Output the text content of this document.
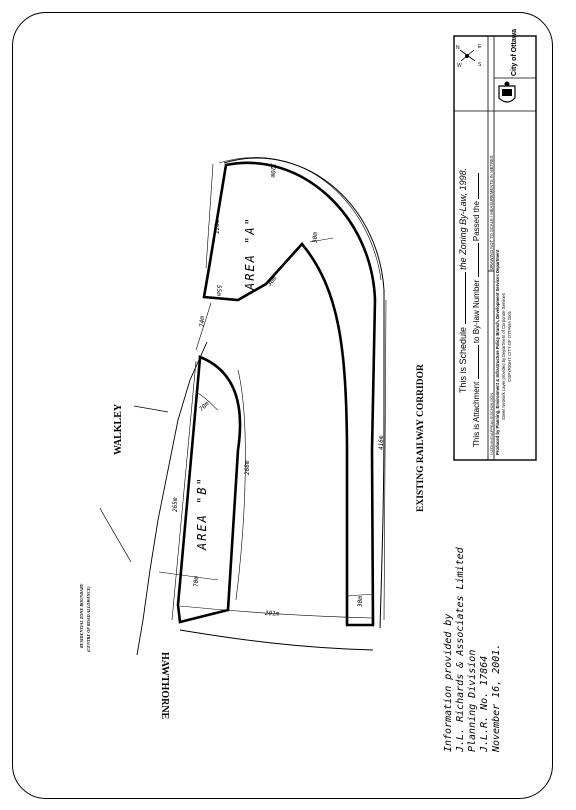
N	E
W	S
This is Schedule  the Zoning By-Law, 1998.
This is Attachment  to By-law Number  Passed the
I:\ZONING\APPEALS\SCH25.DGN
DRAWING NOT TO SCALE / MEASUREMENTS IN METRES
Produced by Planning, Environment & Infrastructure Policy Branch, Development Services Department Street Network Layer provided by Department of Corporate Services COPYRIGHT CITY OF OTTAWA 2001
City of Ottawa
WALKLEY
HAWTHORNE
EXISTING RAILWAY CORRIDOR
RESIDENTIAL ZONE BOUNDARY (CENTRE OF ROAD ALLOWANCE)
AREA "A"
AREA "B"
120m
120m
74m
55m
30m
30m
70m
70m
265m
268m
416m
201m
30m
Information provided by J.L. Richards & Associates Limited Planning Division J.L.R. No. 17864 November 16, 2001.
